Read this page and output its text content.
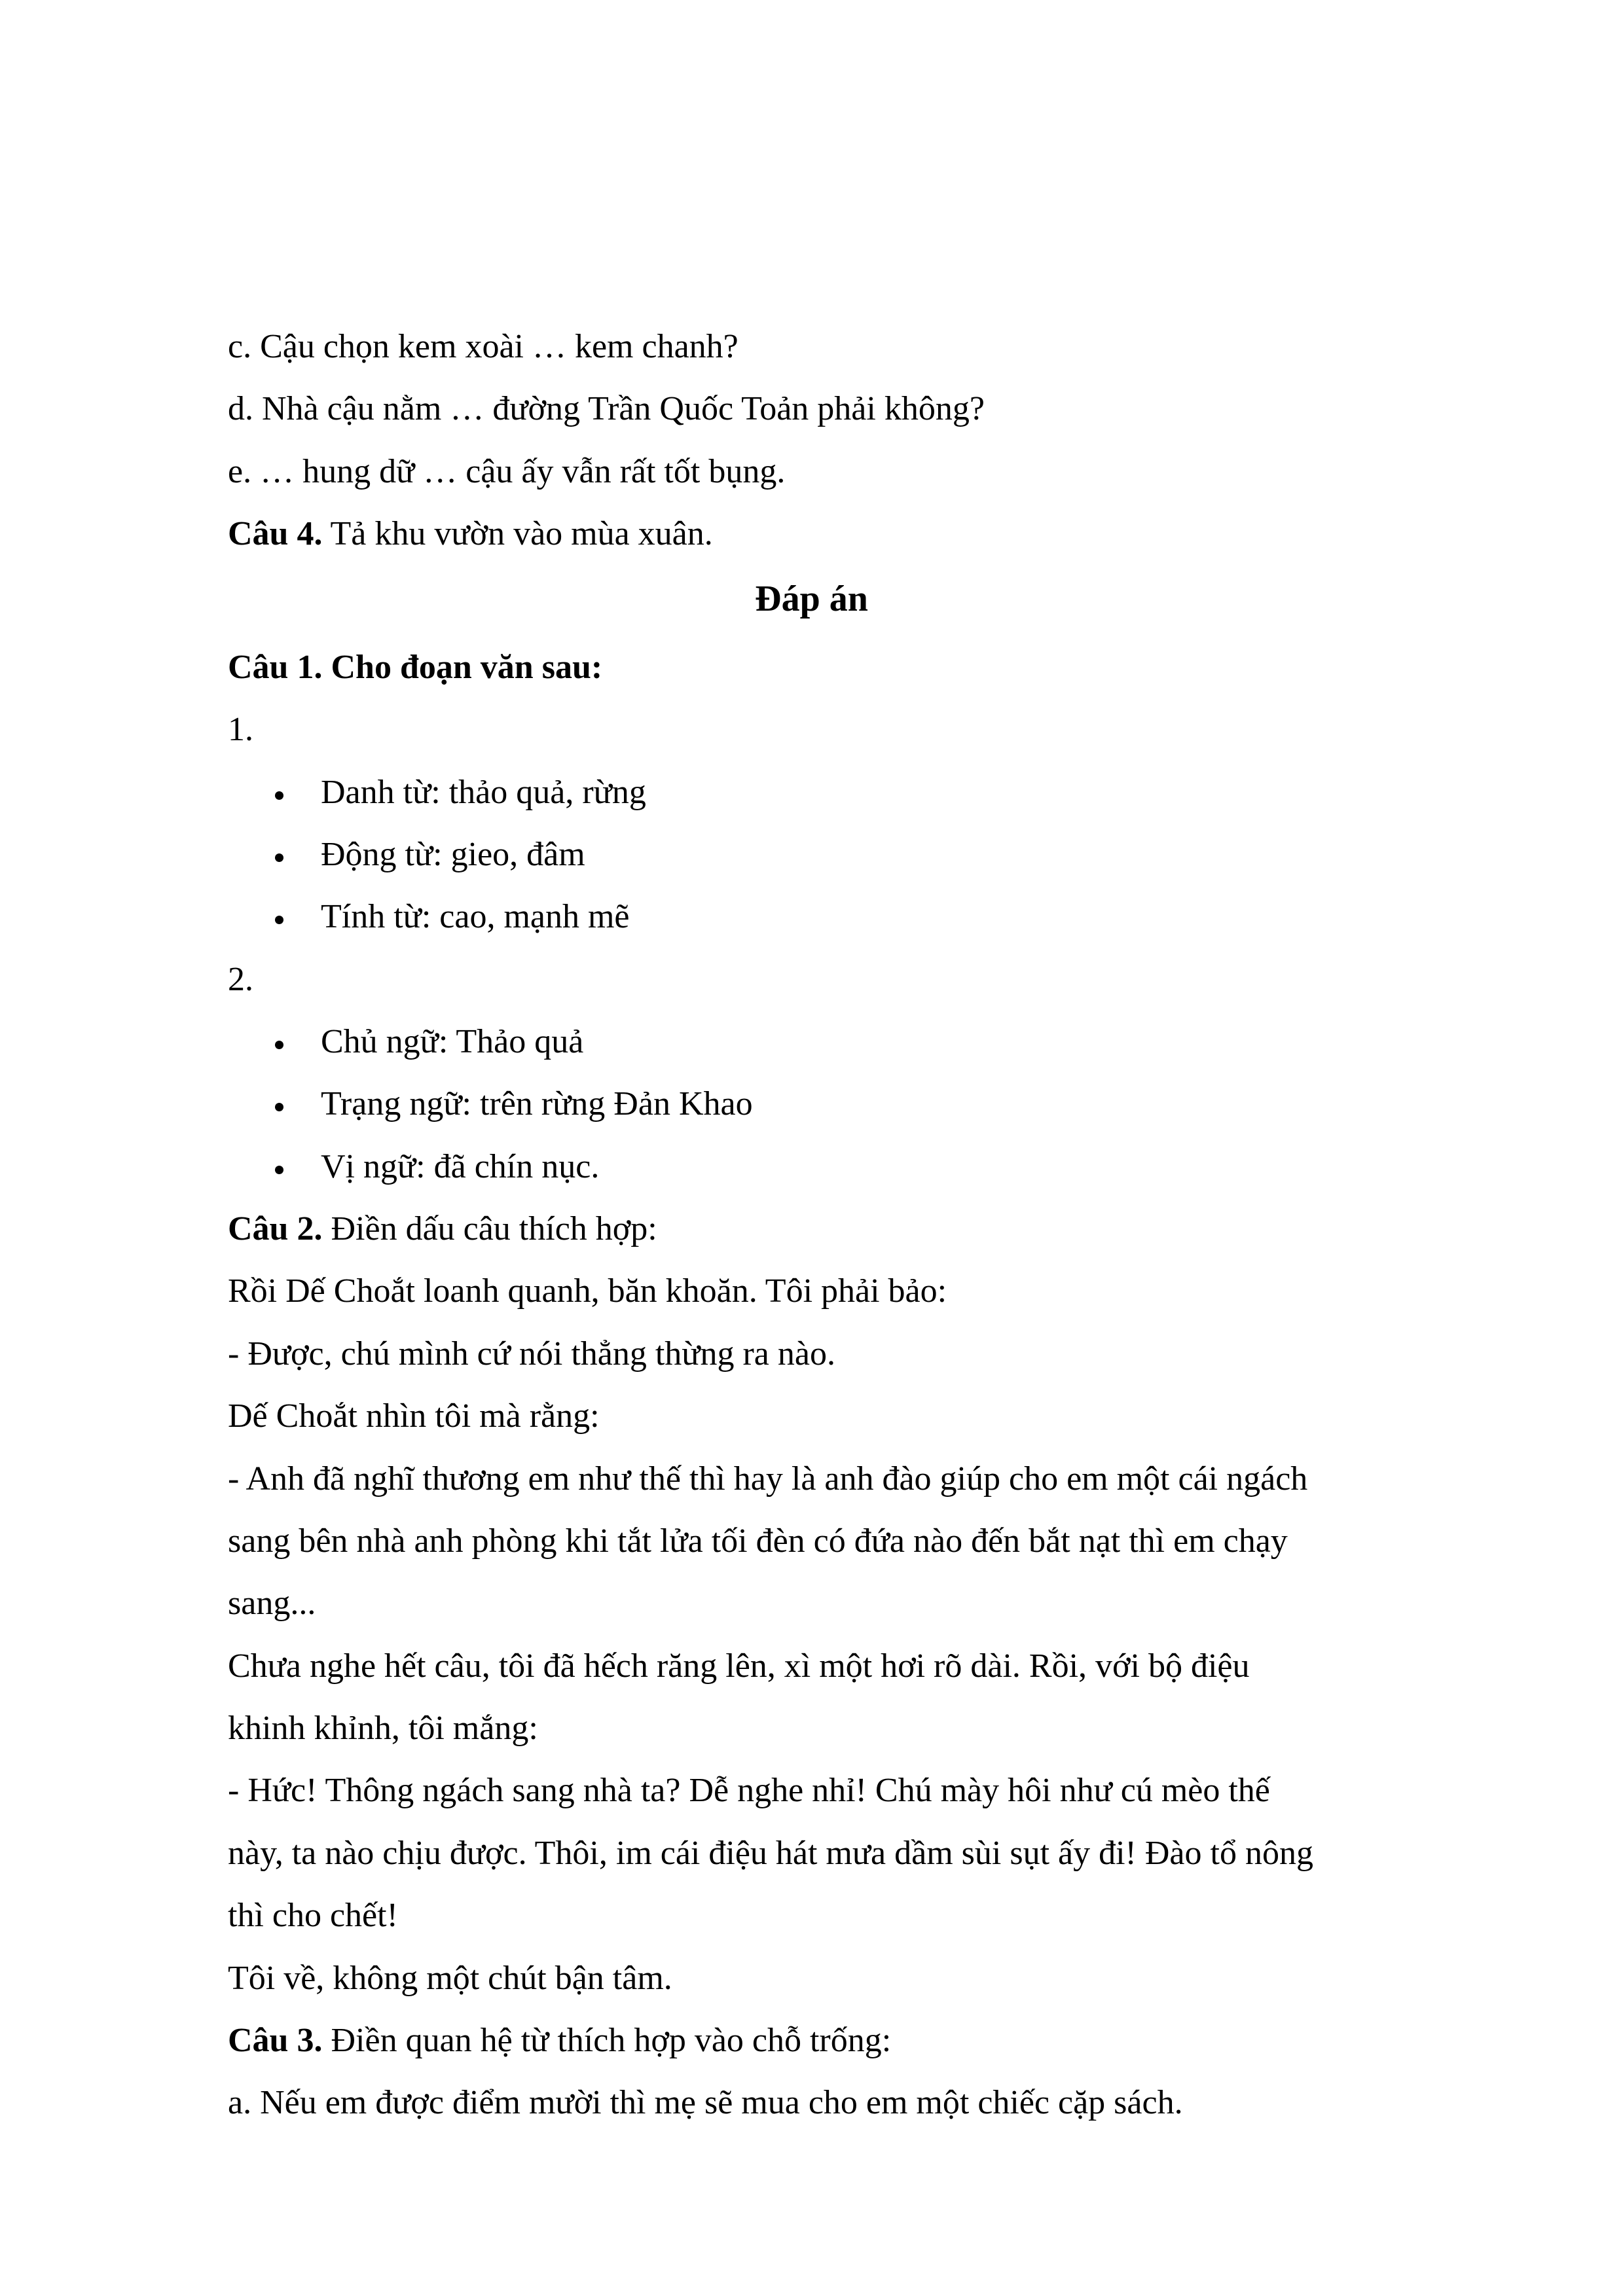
c. Cậu chọn kem xoài … kem chanh?
d. Nhà cậu nằm … đường Trần Quốc Toản phải không?
e. … hung dữ … cậu ấy vẫn rất tốt bụng.
Câu 4. Tả khu vườn vào mùa xuân.
Đáp án
Câu 1. Cho đoạn văn sau:
1.
Danh từ: thảo quả, rừng
Động từ: gieo, đâm
Tính từ: cao, mạnh mẽ
2.
Chủ ngữ: Thảo quả
Trạng ngữ: trên rừng Đản Khao
Vị ngữ: đã chín nục.
Câu 2. Điền dấu câu thích hợp:
Rồi Dế Choắt loanh quanh, băn khoăn. Tôi phải bảo:
- Được, chú mình cứ nói thẳng thừng ra nào.
Dế Choắt nhìn tôi mà rằng:
- Anh đã nghĩ thương em như thế thì hay là anh đào giúp cho em một cái ngách
sang bên nhà anh phòng khi tắt lửa tối đèn có đứa nào đến bắt nạt thì em chạy
sang...
Chưa nghe hết câu, tôi đã hếch răng lên, xì một hơi rõ dài. Rồi, với bộ điệu
khinh khỉnh, tôi mắng:
- Hức! Thông ngách sang nhà ta? Dễ nghe nhỉ! Chú mày hôi như cú mèo thế
này, ta nào chịu được. Thôi, im cái điệu hát mưa dầm sùi sụt ấy đi! Đào tổ nông
thì cho chết!
Tôi về, không một chút bận tâm.
Câu 3. Điền quan hệ từ thích hợp vào chỗ trống:
a. Nếu em được điểm mười thì mẹ sẽ mua cho em một chiếc cặp sách.
